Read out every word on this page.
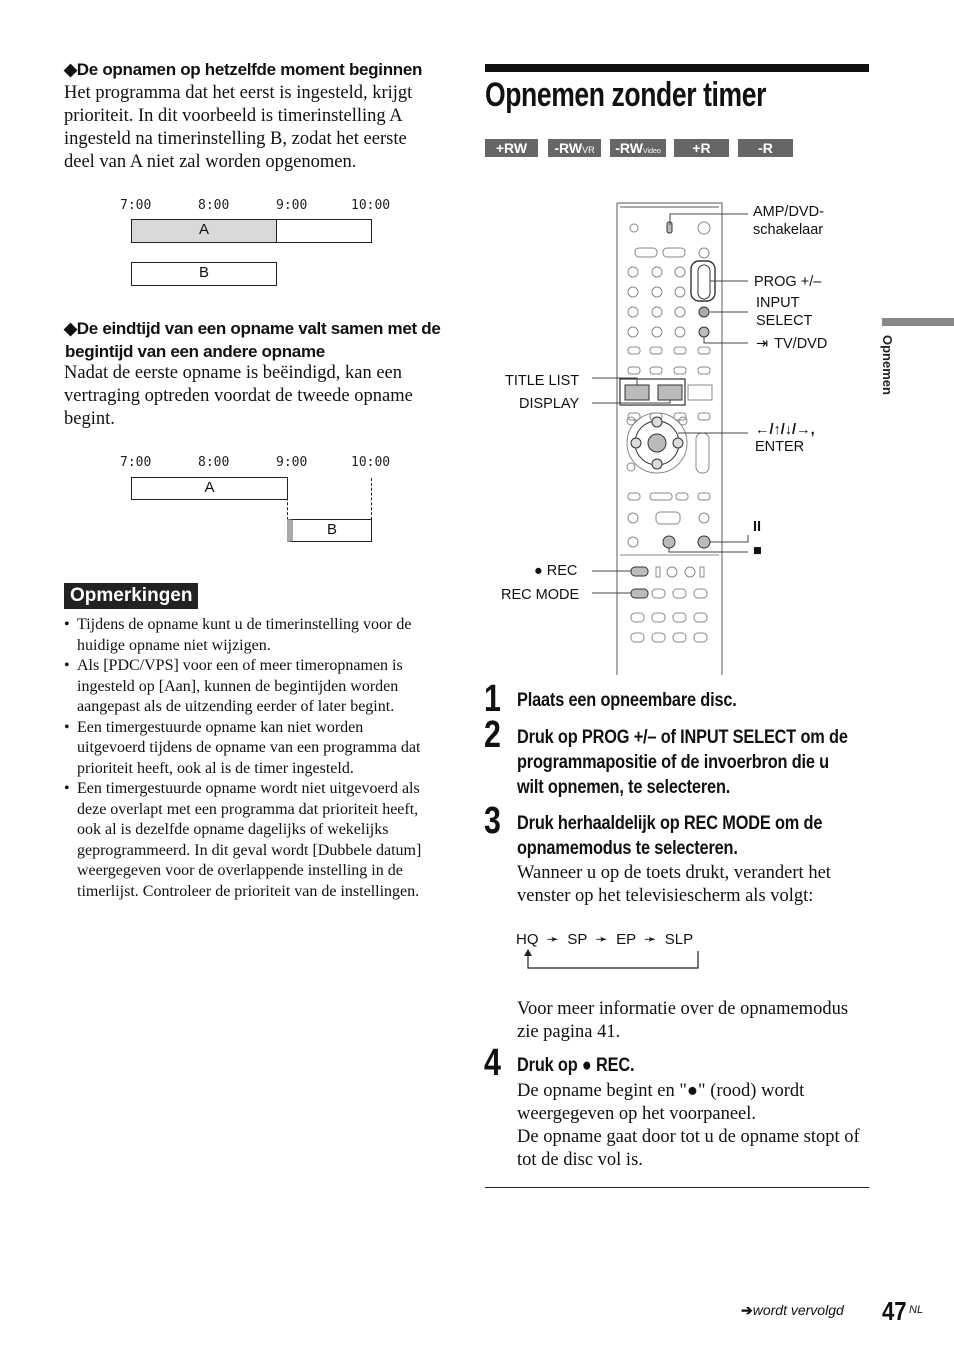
◆De opnamen op hetzelfde moment beginnen
Het programma dat het eerst is ingesteld, krijgt
prioriteit. In dit voorbeeld is timerinstelling A
ingesteld na timerinstelling B, zodat het eerste
deel van A niet zal worden opgenomen.
7:00	8:00	9:00	10:00
A
B
◆De eindtijd van een opname valt samen met de
begintijd van een andere opname
Nadat de eerste opname is beëindigd, kan een
vertraging optreden voordat de tweede opname
begint.
7:00	8:00	9:00	10:00
A
B
Opmerkingen
• Tijdens de opname kunt u de timerinstelling voor de
huidige opname niet wijzigen.
• Als [PDC/VPS] voor een of meer timeropnamen is
ingesteld op [Aan], kunnen de begintijden worden
aangepast als de uitzending eerder of later begint.
• Een timergestuurde opname kan niet worden
uitgevoerd tijdens de opname van een programma dat
prioriteit heeft, ook al is de timer ingesteld.
• Een timergestuurde opname wordt niet uitgevoerd als
deze overlapt met een programma dat prioriteit heeft,
ook al is dezelfde opname dagelijks of wekelijks
geprogrammeerd. In dit geval wordt [Dubbele datum]
weergegeven voor de overlappende instelling in de
timerlijst. Controleer de prioriteit van de instellingen.
Opnemen zonder timer
+RW	-RWVR	-RWVideo	+R	-R
AMP/DVD-
schakelaar
PROG +/–
INPUT
SELECT
⇥ TV/DVD
TITLE LIST
DISPLAY
←/↑/↓/→,
ENTER
II
■
● REC
REC MODE
1 Plaats een opneembare disc.
2 Druk op PROG +/– of INPUT SELECT om de
programmapositie of de invoerbron die u
wilt opnemen, te selecteren.
3 Druk herhaaldelijk op REC MODE om de
opnamemodus te selecteren.
Wanneer u op de toets drukt, verandert het
venster op het televisiescherm als volgt:
HQ ➛ SP ➛ EP ➛ SLP
Voor meer informatie over de opnamemodus
zie pagina 41.
4 Druk op ● REC.
De opname begint en "●" (rood) wordt
weergegeven op het voorpaneel.
De opname gaat door tot u de opname stopt of
tot de disc vol is.
Opnemen
➔wordt vervolgd 47 NL
